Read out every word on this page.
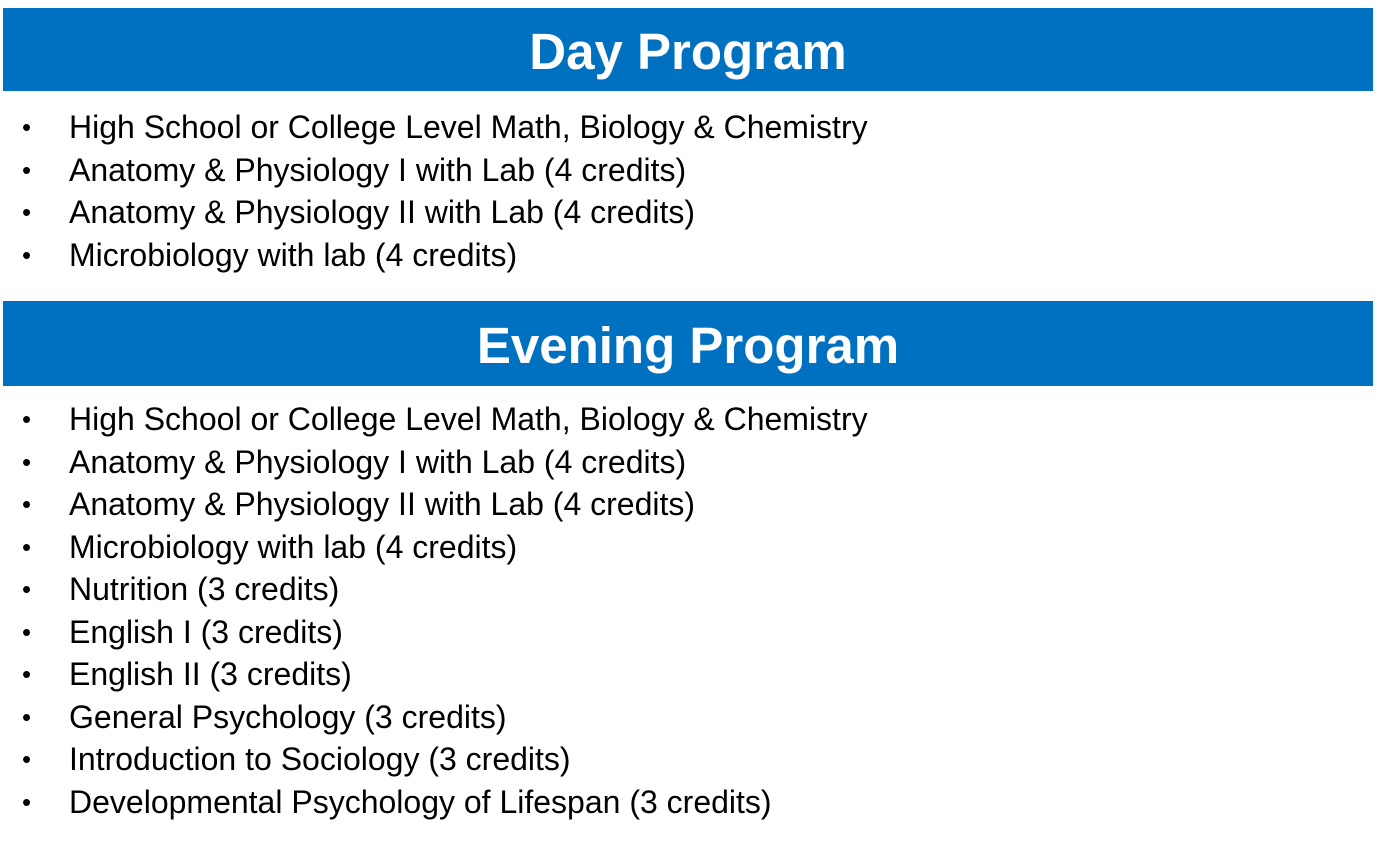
Day Program
• High School or College Level Math, Biology & Chemistry
• Anatomy & Physiology I with Lab (4 credits)
• Anatomy & Physiology II with Lab (4 credits)
• Microbiology with lab (4 credits)
Evening Program
• High School or College Level Math, Biology & Chemistry
• Anatomy & Physiology I with Lab (4 credits)
• Anatomy & Physiology II with Lab (4 credits)
• Microbiology with lab (4 credits)
• Nutrition (3 credits)
• English I (3 credits)
• English II (3 credits)
• General Psychology (3 credits)
• Introduction to Sociology (3 credits)
• Developmental Psychology of Lifespan (3 credits)
